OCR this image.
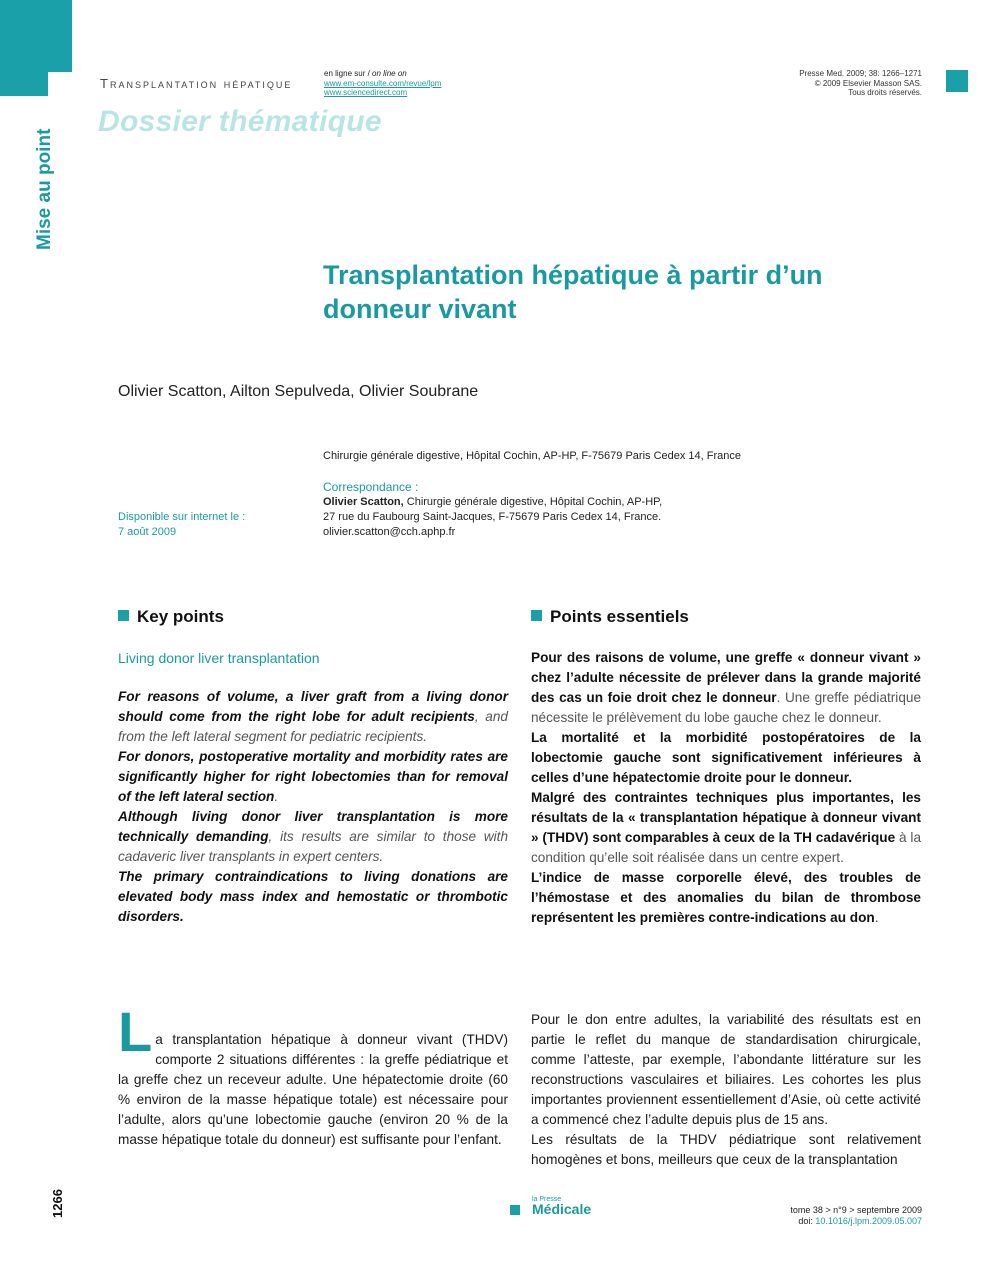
Transplantation hépatique
en ligne sur / on line on
www.em-consulte.com/revue/lpm
www.sciencedirect.com
Presse Med. 2009; 38: 1266–1271
© 2009 Elsevier Masson SAS.
Tous droits réservés.
Dossier thématique
Mise au point
Transplantation hépatique à partir d’un donneur vivant
Olivier Scatton, Ailton Sepulveda, Olivier Soubrane
Chirurgie générale digestive, Hôpital Cochin, AP-HP, F-75679 Paris Cedex 14, France
Correspondance :
Olivier Scatton, Chirurgie générale digestive, Hôpital Cochin, AP-HP,
27 rue du Faubourg Saint-Jacques, F-75679 Paris Cedex 14, France.
olivier.scatton@cch.aphp.fr
Disponible sur internet le :
7 août 2009
Key points	Points essentiels
Living donor liver transplantation

For reasons of volume, a liver graft from a living donor should come from the right lobe for adult recipients, and from the left lateral segment for pediatric recipients.

For donors, postoperative mortality and morbidity rates are significantly higher for right lobectomies than for removal of the left lateral section.

Although living donor liver transplantation is more technically demanding, its results are similar to those with cadaveric liver transplants in expert centers.

The primary contraindications to living donations are elevated body mass index and hemostatic or thrombotic disorders.

Pour des raisons de volume, une greffe « donneur vivant » chez l’adulte nécessite de prélever dans la grande majorité des cas un foie droit chez le donneur. Une greffe pédiatrique nécessite le prélèvement du lobe gauche chez le donneur.

La mortalité et la morbidité postopératoires de la lobectomie gauche sont significativement inférieures à celles d’une hépatectomie droite pour le donneur.

Malgré des contraintes techniques plus importantes, les résultats de la « transplantation hépatique à donneur vivant » (THDV) sont comparables à ceux de la TH cadavérique à la condition qu’elle soit réalisée dans un centre expert.

L’indice de masse corporelle élevé, des troubles de l’hémostase et des anomalies du bilan de thrombose représentent les premières contre-indications au don.

La transplantation hépatique à donneur vivant (THDV) comporte 2 situations différentes : la greffe pédiatrique et la greffe chez un receveur adulte. Une hépatectomie droite (60 % environ de la masse hépatique totale) est nécessaire pour l’adulte, alors qu’une lobectomie gauche (environ 20 % de la masse hépatique totale du donneur) est suffisante pour l’enfant.

Pour le don entre adultes, la variabilité des résultats est en partie le reflet du manque de standardisation chirurgicale, comme l’atteste, par exemple, l’abondante littérature sur les reconstructions vasculaires et biliaires. Les cohortes les plus importantes proviennent essentiellement d’Asie, où cette activité a commencé chez l’adulte depuis plus de 15 ans.

Les résultats de la THDV pédiatrique sont relativement homogènes et bons, meilleurs que ceux de la transplantation

1266	la Presse
Médicale	tome 38 > n°9 > septembre 2009
doi: 10.1016/j.lpm.2009.05.007
